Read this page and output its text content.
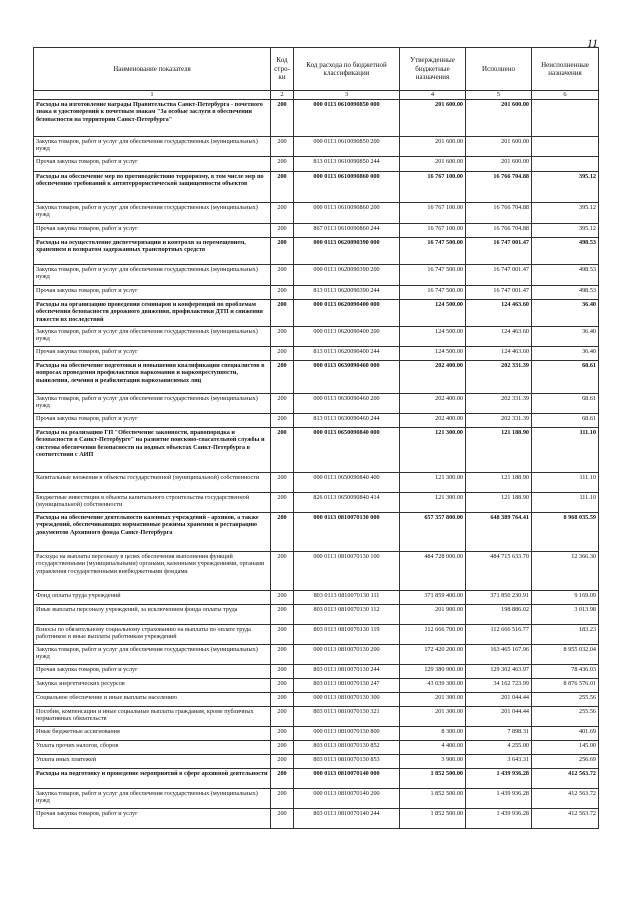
11
Наименование показателя	Код стро- ки	Код расхода по бюджетной классификации	Утвержденные бюджетные назначения	Исполнено	Неисполненные назначения
1	2	3	4	5	6
Расходы на изготовление награды Правительства Санкт-Петербурга - почетного знака и удостоверений к почетным знакам "За особые заслуги в обеспечении безопасности на территории Санкт-Петербурга"	200	000 0113 0610090850 000	201 600.00	201 600.00	
Закупка товаров, работ и услуг для обеспечения государственных (муниципальных) нужд	200	000 0113 0610090850 200	201 600.00	201 600.00	
Прочая закупка товаров, работ и услуг	200	813 0113 0610090850 244	201 600.00	201 600.00	
Расходы на обеспечение мер по противодействию терроризму, в том числе мер по обеспечению требований к антитеррористической защищенности объектов	200	000 0113 0610090860 000	16 767 100.00	16 766 704.88	395.12
Закупка товаров, работ и услуг для обеспечения государственных (муниципальных) нужд	200	000 0113 0610090860 200	16 767 100.00	16 766 704.88	395.12
Прочая закупка товаров, работ и услуг	200	867 0113 0610090860 244	16 767 100.00	16 766 704.88	395.12
Расходы на осуществление диспетчеризации и контроля за перемещением, хранением и возвратом задержанных транспортных средств	200	000 0113 0620090390 000	16 747 500.00	16 747 001.47	498.53
Закупка товаров, работ и услуг для обеспечения государственных (муниципальных) нужд	200	000 0113 0620090390 200	16 747 500.00	16 747 001.47	498.53
Прочая закупка товаров, работ и услуг	200	813 0113 0620090390 244	16 747 500.00	16 747 001.47	498.53
Расходы на организацию проведения семинаров и конференций по проблемам обеспечения безопасности дорожного движения, профилактики ДТП и снижения тяжести их последствий	200	000 0113 0620090400 000	124 500.00	124 463.60	36.40
Закупка товаров, работ и услуг для обеспечения государственных (муниципальных) нужд	200	000 0113 0620090400 200	124 500.00	124 463.60	36.40
Прочая закупка товаров, работ и услуг	200	813 0113 0620090400 244	124 500.00	124 463.60	36.40
Расходы на обеспечение подготовки и повышения квалификации специалистов в вопросах проведения профилактики наркомании и наркопреступности, выявления, лечения и реабилитации наркозависимых лиц	200	000 0113 0630090460 000	202 400.00	202 331.39	68.61
Закупка товаров, работ и услуг для обеспечения государственных (муниципальных) нужд	200	000 0113 0630090460 200	202 400.00	202 331.39	68.61
Прочая закупка товаров, работ и услуг	200	813 0113 0630090460 244	202 400.00	202 331.39	68.61
Расходы на реализацию ГП "Обеспечение законности, правопорядка и безопасности в Санкт-Петербурге" на развитие поисково-спасательной службы и системы обеспечения безопасности на водных объектах Санкт-Петербурга в соответствии с АИП	200	000 0113 0650090840 000	121 300.00	121 188.90	111.10
Капитальные вложения в объекты государственной (муниципальной) собственности	200	000 0113 0650090840 400	121 300.00	121 188.90	111.10
Бюджетные инвестиции в объекты капитального строительства государственной (муниципальной) собственности	200	826 0113 0650090840 414	121 300.00	121 188.90	111.10
Расходы на обеспечение деятельности казенных учреждений - архивов, а также учреждений, обеспечивающих нормативные режимы хранения и реставрацию документов Архивного фонда Санкт-Петербурга	200	000 0113 0810070130 000	657 357 800.00	648 389 764.41	8 968 035.59
Расходы на выплаты персоналу в целях обеспечения выполнения функций государственными (муниципальными) органами, казенными учреждениями, органами управления государственными внебюджетными фондами	200	000 0113 0810070130 100	484 728 000.00	484 715 633.70	12 366.30
Фонд оплаты труда учреждений	200	803 0113 0810070130 111	371 859 400.00	371 850 230.91	9 169.09
Иные выплаты персоналу учреждений, за исключением фонда оплаты труда	200	803 0113 0810070130 112	201 900.00	198 886.02	3 013.98
Взносы по обязательному социальному страхованию на выплаты по оплате труда работников и иные выплаты работникам учреждений	200	803 0113 0810070130 119	112 666 700.00	112 666 516.77	183.23
Закупка товаров, работ и услуг для обеспечения государственных (муниципальных) нужд	200	000 0113 0810070130 200	172 420 200.00	163 465 167.96	8 955 032.04
Прочая закупка товаров, работ и услуг	200	803 0113 0810070130 244	129 380 900.00	129 302 463.97	78 436.03
Закупка энергетических ресурсов	200	803 0113 0810070130 247	43 039 300.00	34 162 723.99	8 876 576.01
Социальное обеспечение и иные выплаты населению	200	000 0113 0810070130 300	201 300.00	201 044.44	255.56
Пособия, компенсации и иные социальные выплаты гражданам, кроме публичных нормативных обязательств	200	803 0113 0810070130 321	201 300.00	201 044.44	255.56
Иные бюджетные ассигнования	200	000 0113 0810070130 800	8 300.00	7 898.31	401.69
Уплата прочих налогов, сборов	200	803 0113 0810070130 852	4 400.00	4 255.00	145.00
Уплата иных платежей	200	803 0113 0810070130 853	3 900.00	3 643.31	256.69
Расходы на подготовку и проведение мероприятий в сфере архивной деятельности	200	000 0113 0810070140 000	1 852 500.00	1 439 936.28	412 563.72
Закупка товаров, работ и услуг для обеспечения государственных (муниципальных) нужд	200	000 0113 0810070140 200	1 852 500.00	1 439 936.28	412 563.72
Прочая закупка товаров, работ и услуг	200	803 0113 0810070140 244	1 852 500.00	1 439 936.28	412 563.72
